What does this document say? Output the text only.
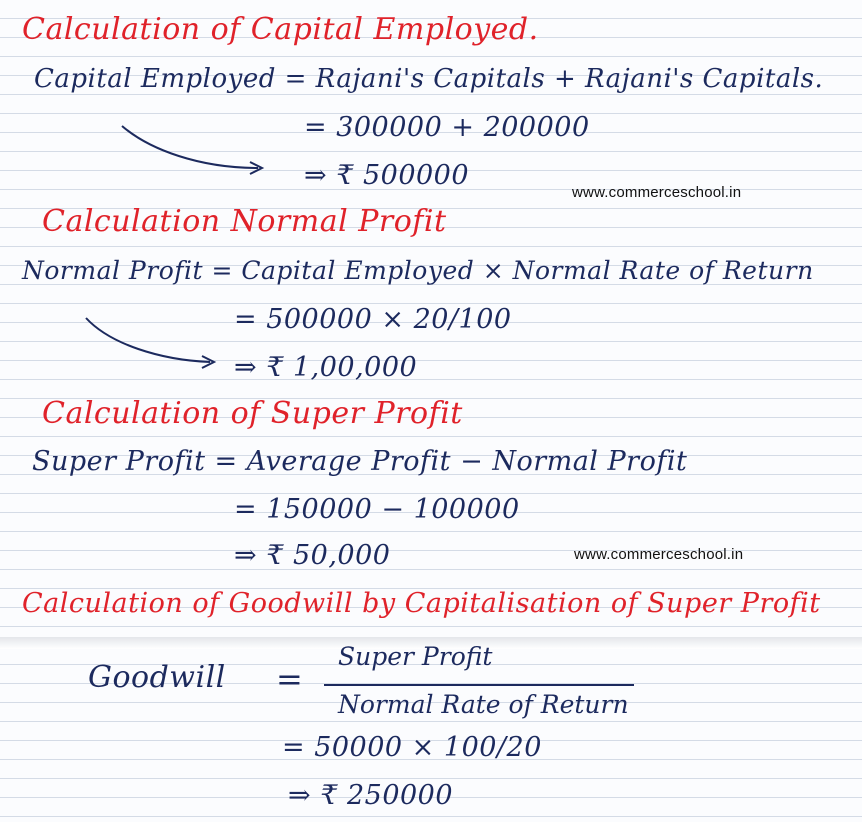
Calculation of Capital Employed.
Capital Employed = Rajani's Capitals + Rajani's Capitals.
= 300000 + 200000
⇒ ₹ 500000
www.commerceschool.in
Calculation Normal Profit
Normal Profit = Capital Employed × Normal Rate of Return
= 500000 × 20/100
⇒ ₹ 1,00,000
Calculation of Super Profit
Super Profit = Average Profit − Normal Profit
= 150000 − 100000
⇒ ₹ 50,000	www.commerceschool.in
Calculation of Goodwill by Capitalisation of Super Profit
Goodwill =
Super Profit
Normal Rate of Return
= 50000 × 100/20
⇒ ₹ 250000
